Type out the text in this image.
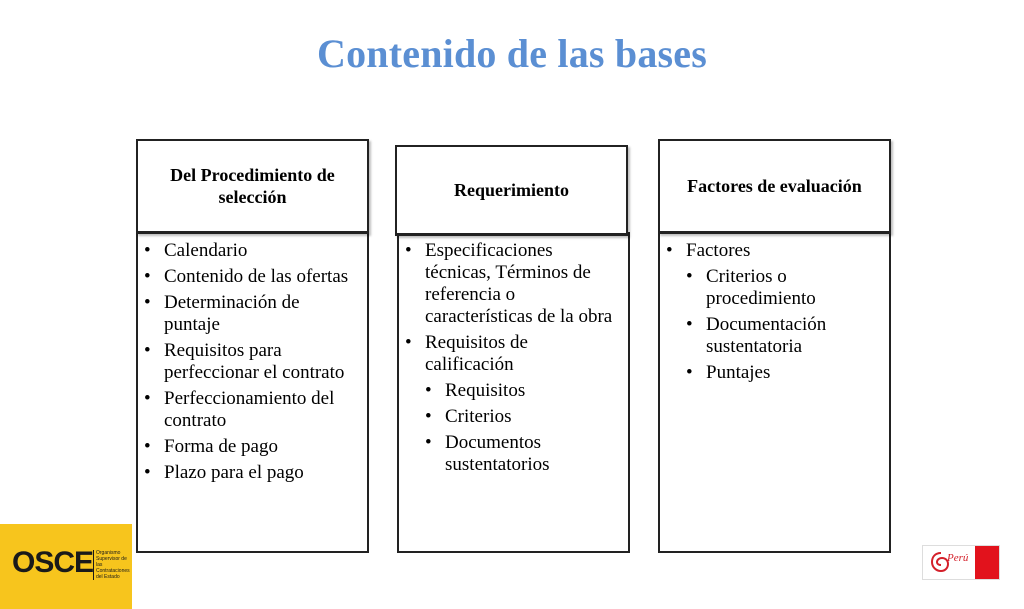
Contenido de las bases
Del Procedimiento de selección
• Calendario
• Contenido de las ofertas
• Determinación de puntaje
• Requisitos para perfeccionar el contrato
• Perfeccionamiento del contrato
• Forma de pago
• Plazo para el pago
Requerimiento
• Especificaciones técnicas, Términos de referencia o características de la obra
• Requisitos de calificación
• Requisitos
• Criterios
• Documentos sustentatorios
Factores de evaluación
• Factores
• Criterios o procedimiento
• Documentación sustentatoria
• Puntajes
OSCE Organismo Supervisor de las Contrataciones del Estado
Perú
